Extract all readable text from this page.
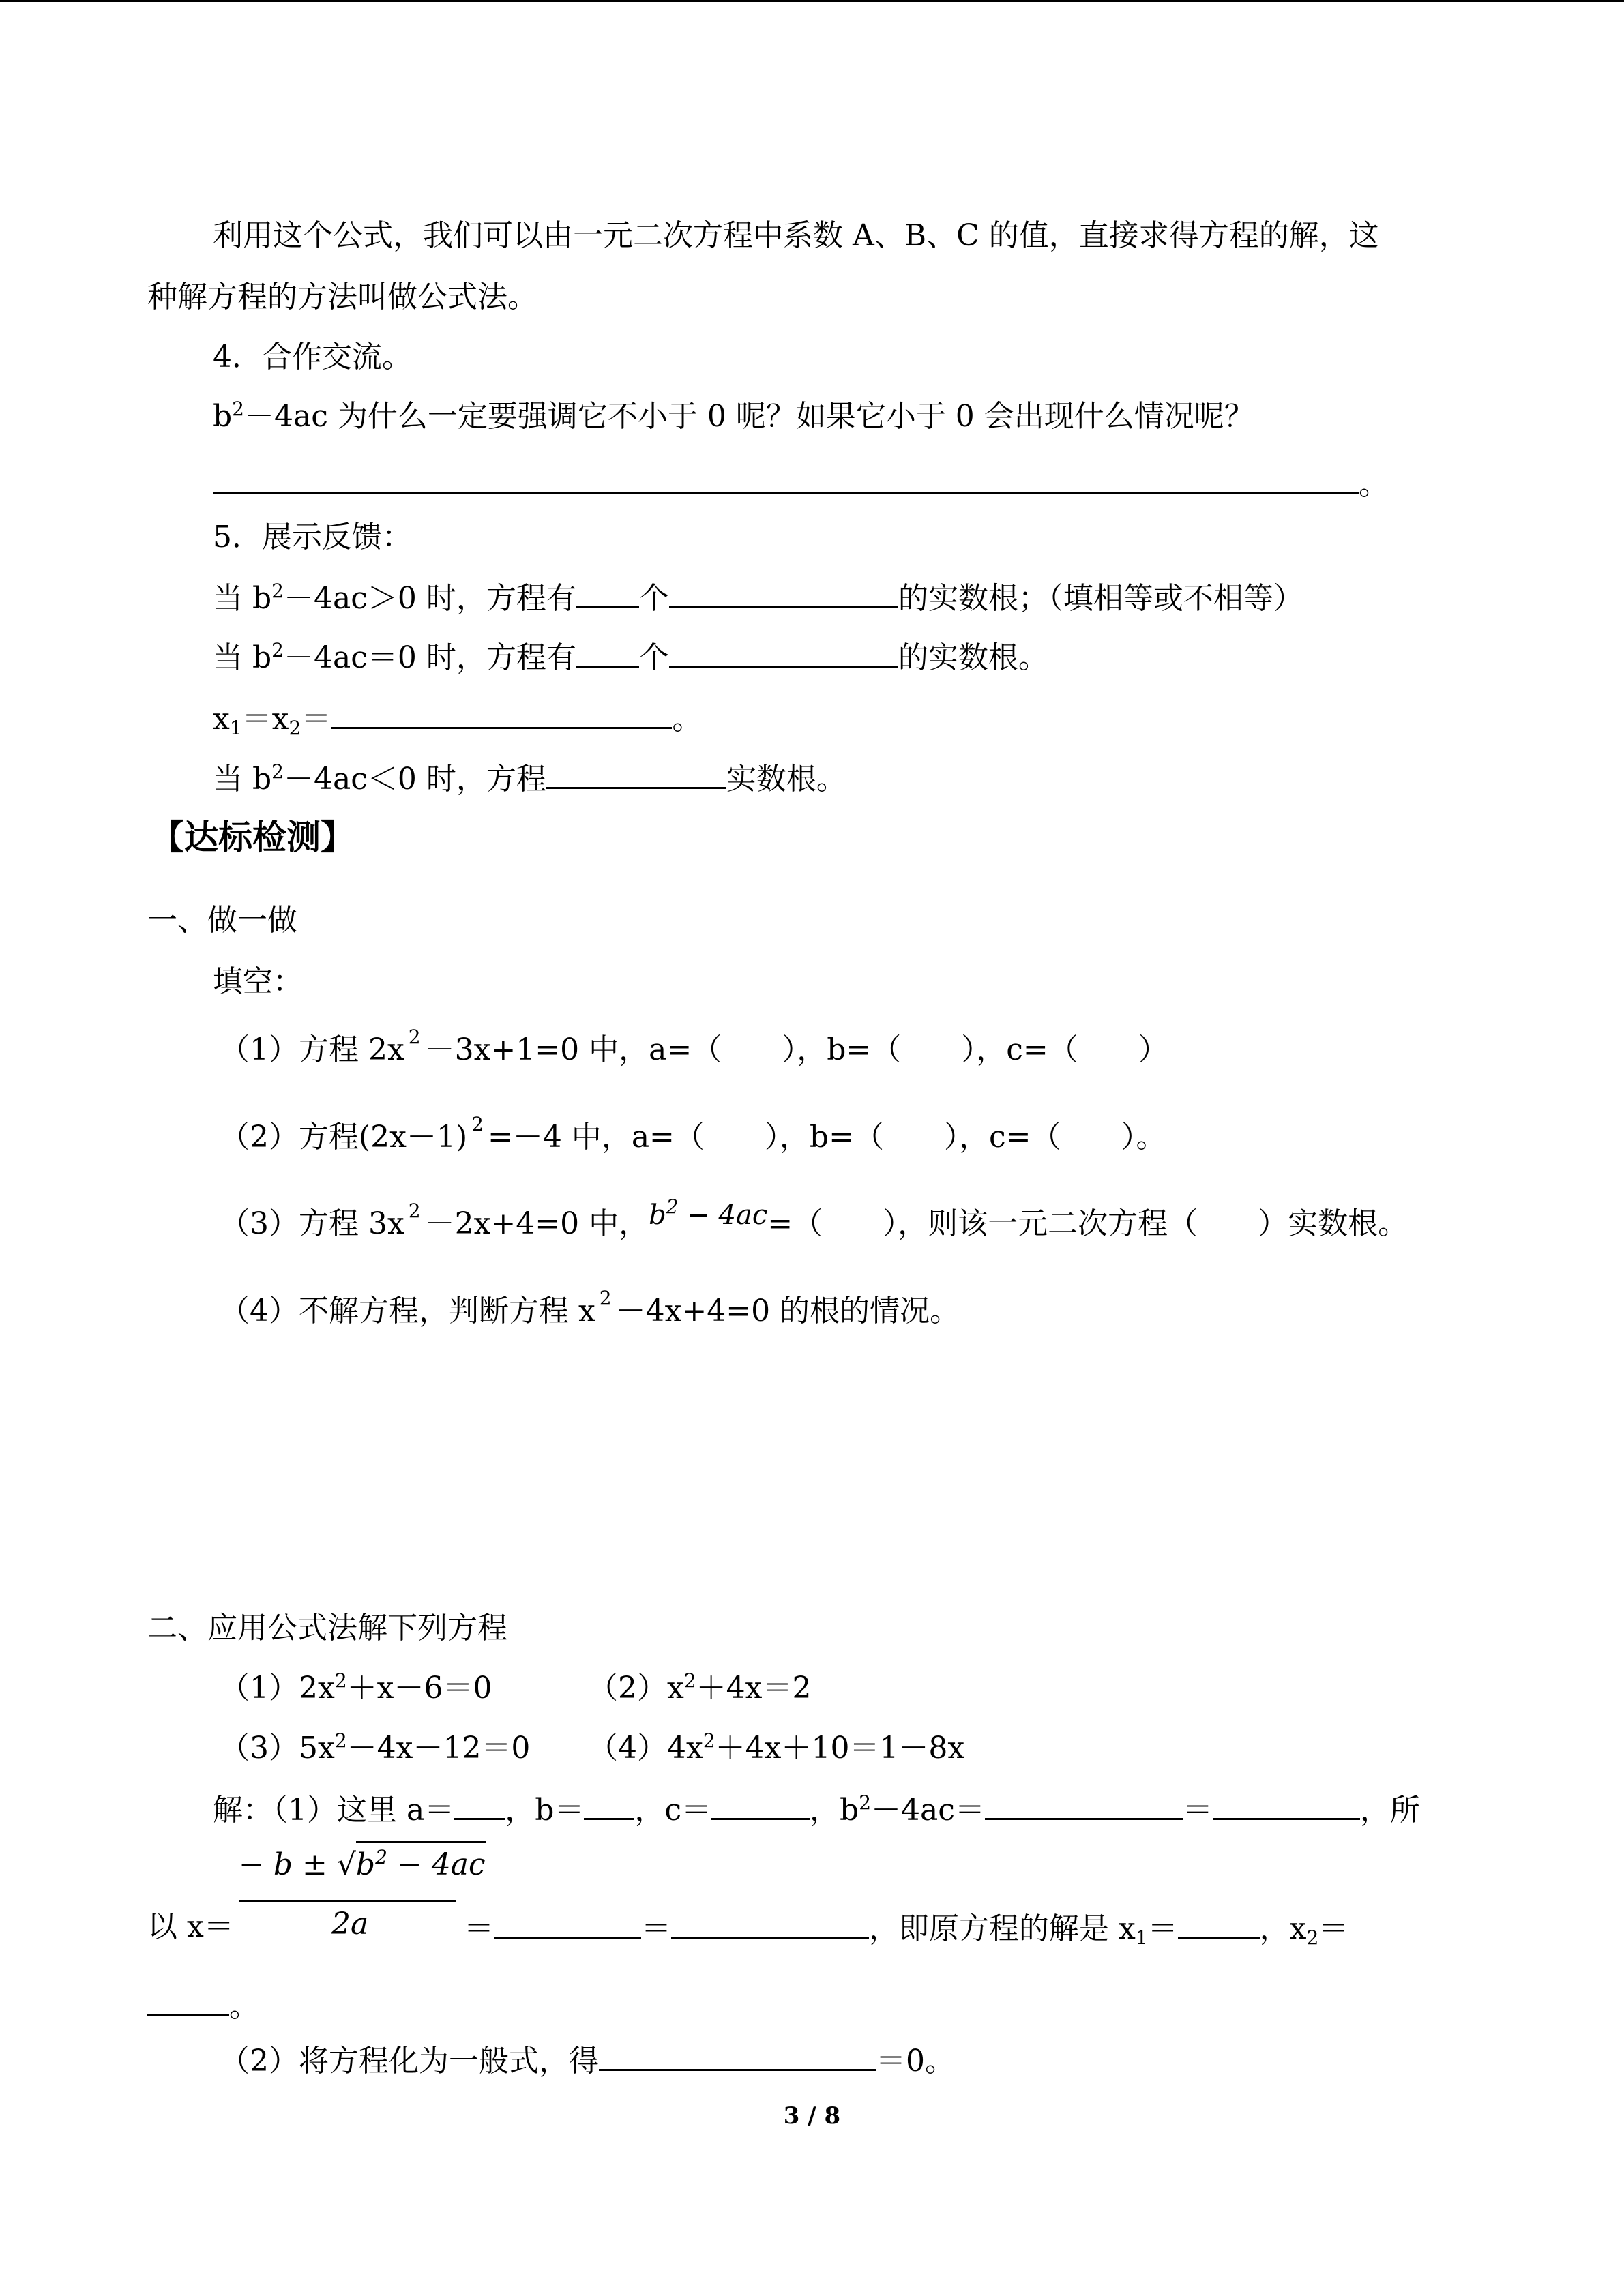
利用这个公式，我们可以由一元二次方程中系数 A、B、C 的值，直接求得方程的解，这
种解方程的方法叫做公式法。
4．合作交流。
$b^2-4ac$ 为什么一定要强调它不小于 0 呢？如果它小于 0 会出现什么情况呢？
。
5．展示反馈：
当 $b^2-4ac>0$ 时，方程有 个	的实数根；（填相等或不相等）
当 $b^2-4ac=0$ 时，方程有 个	的实数根。
$x_1=x_2=$	。
当 $b^2-4ac<0$ 时，方程	实数根。
【达标检测】
一、做一做
填空：
（1）方程 2x $^2$ －3x+1=0 中，a=（　　），b=（　　），c=（　　）
（2）方程(2x－1) $^2$ =－4 中，a=（　　），b=（　　），c=（　　）。
（3）方程 3x $^2$ －2x+4=0 中，$b^2 - 4ac=$（　　），则该一元二次方程（　　）实数根。
（4）不解方程，判断方程 x $^2$ －4x+4=0 的根的情况。
二、应用公式法解下列方程
$(1)2x^2+x-6=0$	$(2)x^2+4x=2$
$(3)5x^2-4x-12=0$ $(4)4x^2+4x+10=1-8x$
解：（1）这里 a＝ ，b＝ ，c＝	，$b^2-4ac=$	＝	，所
− $b \pm √b^2 - 4ac$
2a
以 x＝	＝	＝	，即原方程的解是 $x_1=$	，$x_2=$
。
（2）将方程化为一般式，得	＝0。
3 / 8
